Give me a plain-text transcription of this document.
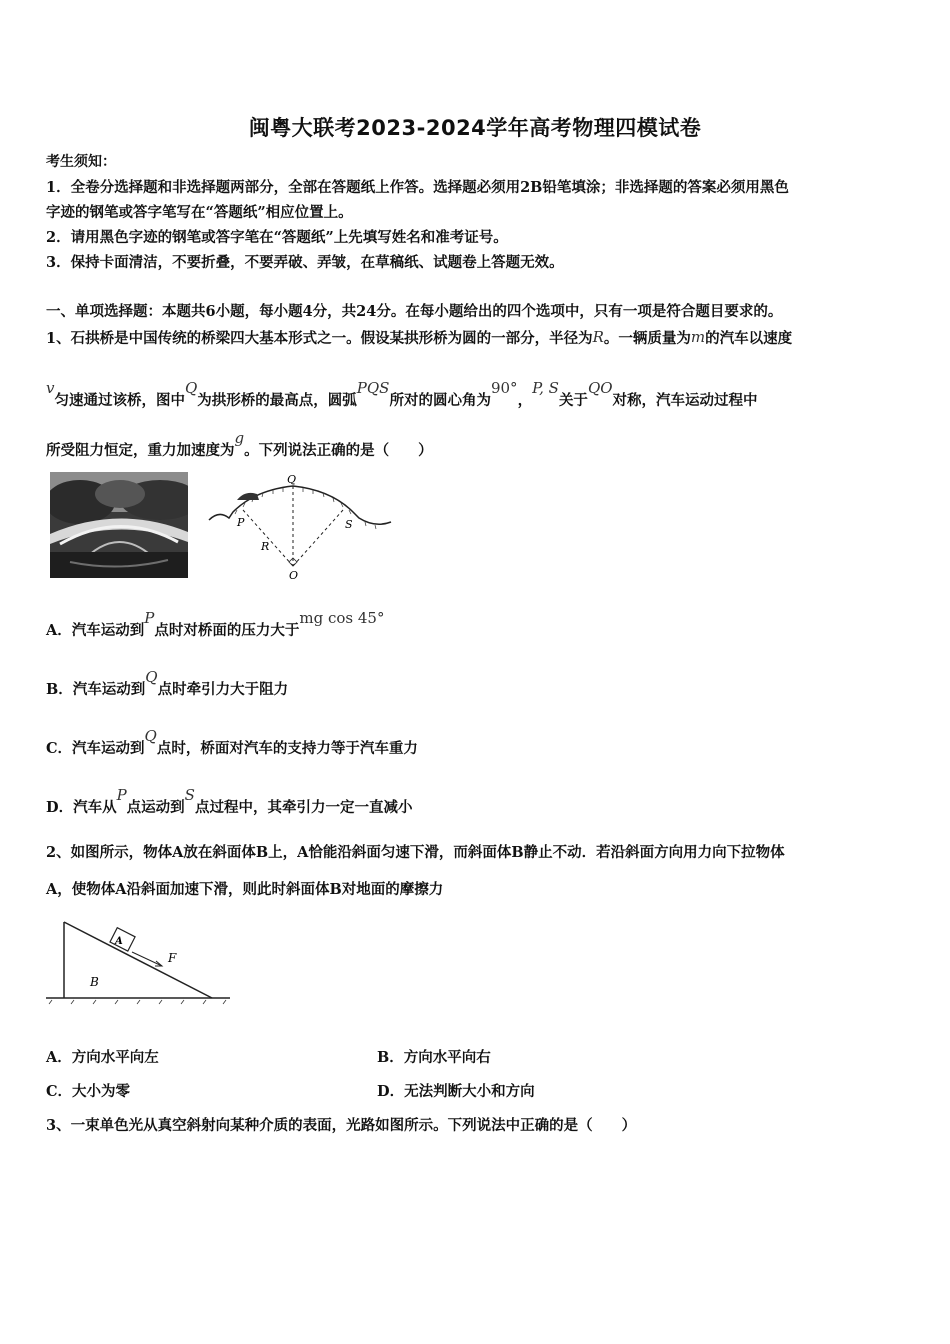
闽粤大联考2023-2024学年高考物理四模试卷
考生须知：
1．全卷分选择题和非选择题两部分，全部在答题纸上作答。选择题必须用2B铅笔填涂；非选择题的答案必须用黑色
字迹的钢笔或答字笔写在“答题纸”相应位置上。
2．请用黑色字迹的钢笔或答字笔在“答题纸”上先填写姓名和准考证号。
3．保持卡面清洁，不要折叠，不要弄破、弄皱，在草稿纸、试题卷上答题无效。
一、单项选择题：本题共6小题，每小题4分，共24分。在每小题给出的四个选项中，只有一项是符合题目要求的。
1、石拱桥是中国传统的桥梁四大基本形式之一。假设某拱形桥为圆的一部分，半径为R。一辆质量为m的汽车以速度
v匀速通过该桥，图中Q为拱形桥的最高点，圆弧PQS所对的圆心角为90°，P, S关于QO对称，汽车运动过程中
所受阻力恒定，重力加速度为g。下列说法正确的是（　　）
Q
P	S
R
O
A．汽车运动到P点时对桥面的压力大于mg cos 45°
B．汽车运动到Q点时牵引力大于阻力
C．汽车运动到Q点时，桥面对汽车的支持力等于汽车重力
D．汽车从P点运动到S点过程中，其牵引力一定一直减小
2、如图所示，物体A放在斜面体B上，A恰能沿斜面匀速下滑，而斜面体B静止不动．若沿斜面方向用力向下拉物体
A，使物体A沿斜面加速下滑，则此时斜面体B对地面的摩擦力
A
F
B
A．方向水平向左	B．方向水平向右
C．大小为零	D．无法判断大小和方向
3、一束单色光从真空斜射向某种介质的表面，光路如图所示。下列说法中正确的是（　　）
